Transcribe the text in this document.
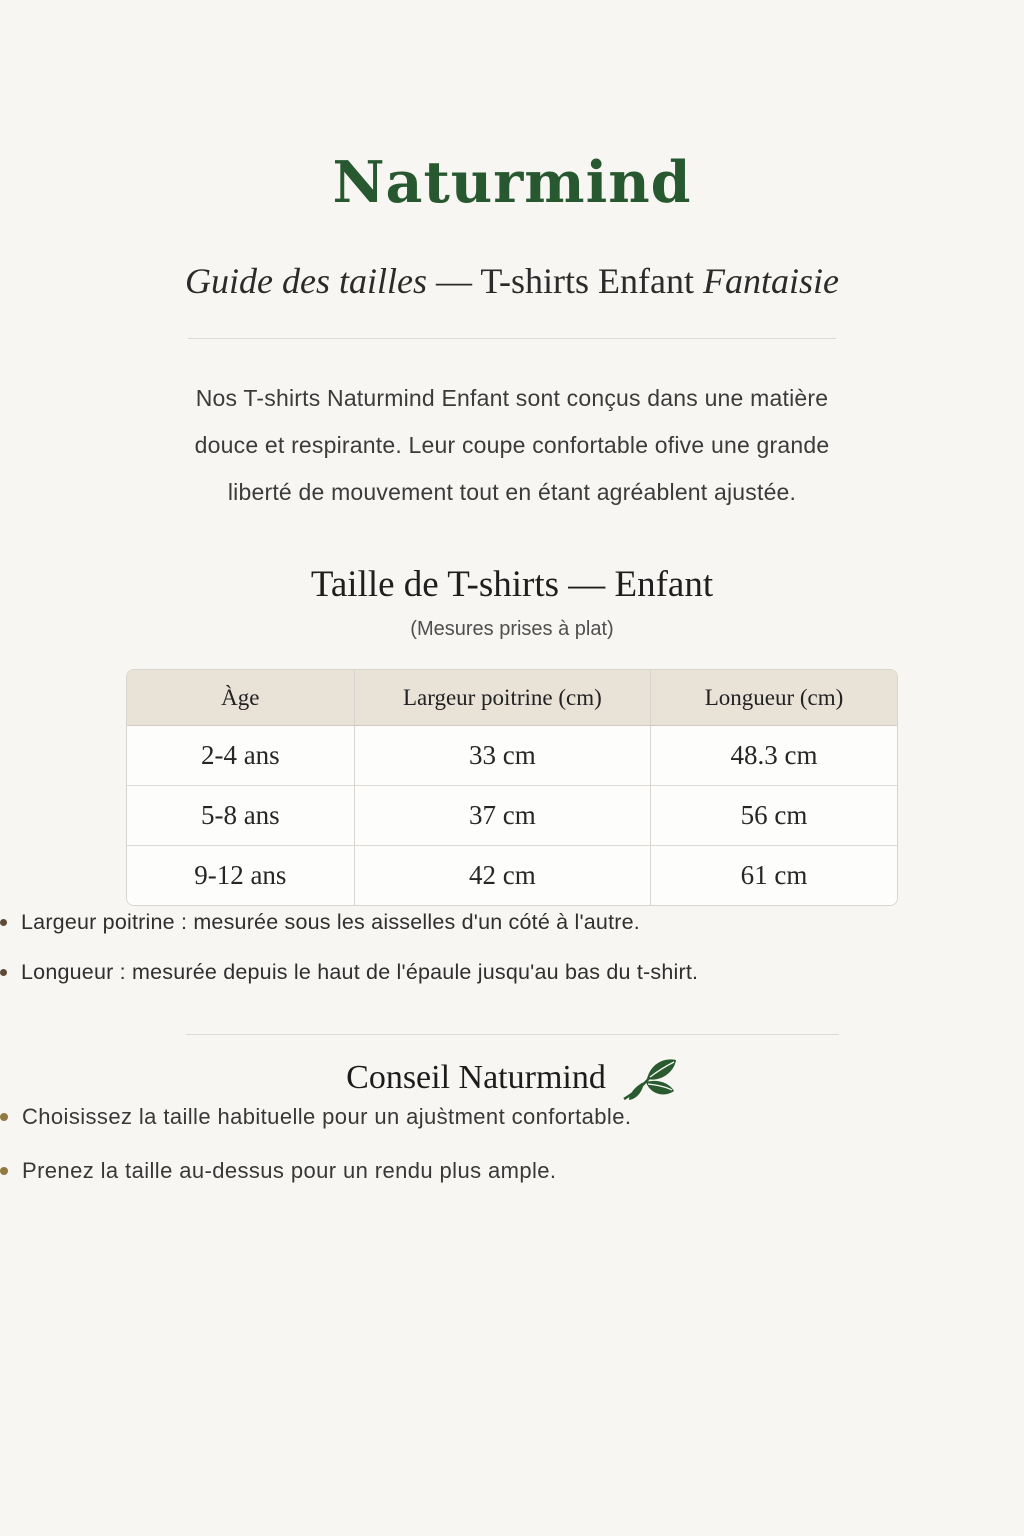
Naturmind
Guide des tailles — T-shirts Enfant Fantaisie

Nos T-shirts Naturmind Enfant sont conçus dans une matière
douce et respirante. Leur coupe confortable ofive une grande
liberté de mouvement tout en étant agréablent ajustée.

Taille de T-shirts — Enfant
(Mesures prises à plat)
Àge	Largeur poitrine (cm)	Longueur (cm)
2-4 ans	33 cm	48.3 cm
5-8 ans	37 cm	56 cm
9-12 ans	42 cm	61 cm
Largeur poitrine : mesurée sous les aisselles d'un cóté à l'autre.
Longueur : mesurée depuis le haut de l'épaule jusqu'au bas du t-shirt.
Conseil Naturmind
Choisissez la taille habituelle pour un ajus̀tment confortable.
Prenez la taille au-dessus pour un rendu plus ample.
